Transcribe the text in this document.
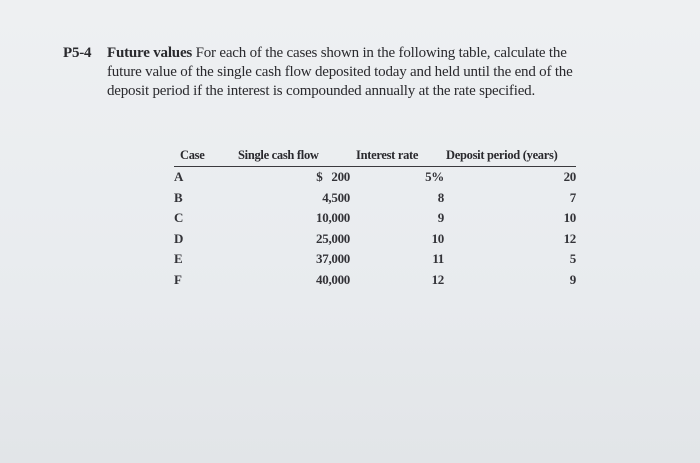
P5-4	Future values For each of the cases shown in the following table, calculate the
future value of the single cash flow deposited today and held until the end of the
deposit period if the interest is compounded annually at the rate specified.
Case	Single cash flow	Interest rate	Deposit period (years)
A	$ 200	5%	20
B	4,500	8	7
C	10,000	9	10
D	25,000	10	12
E	37,000	11	5
F	40,000	12	9
